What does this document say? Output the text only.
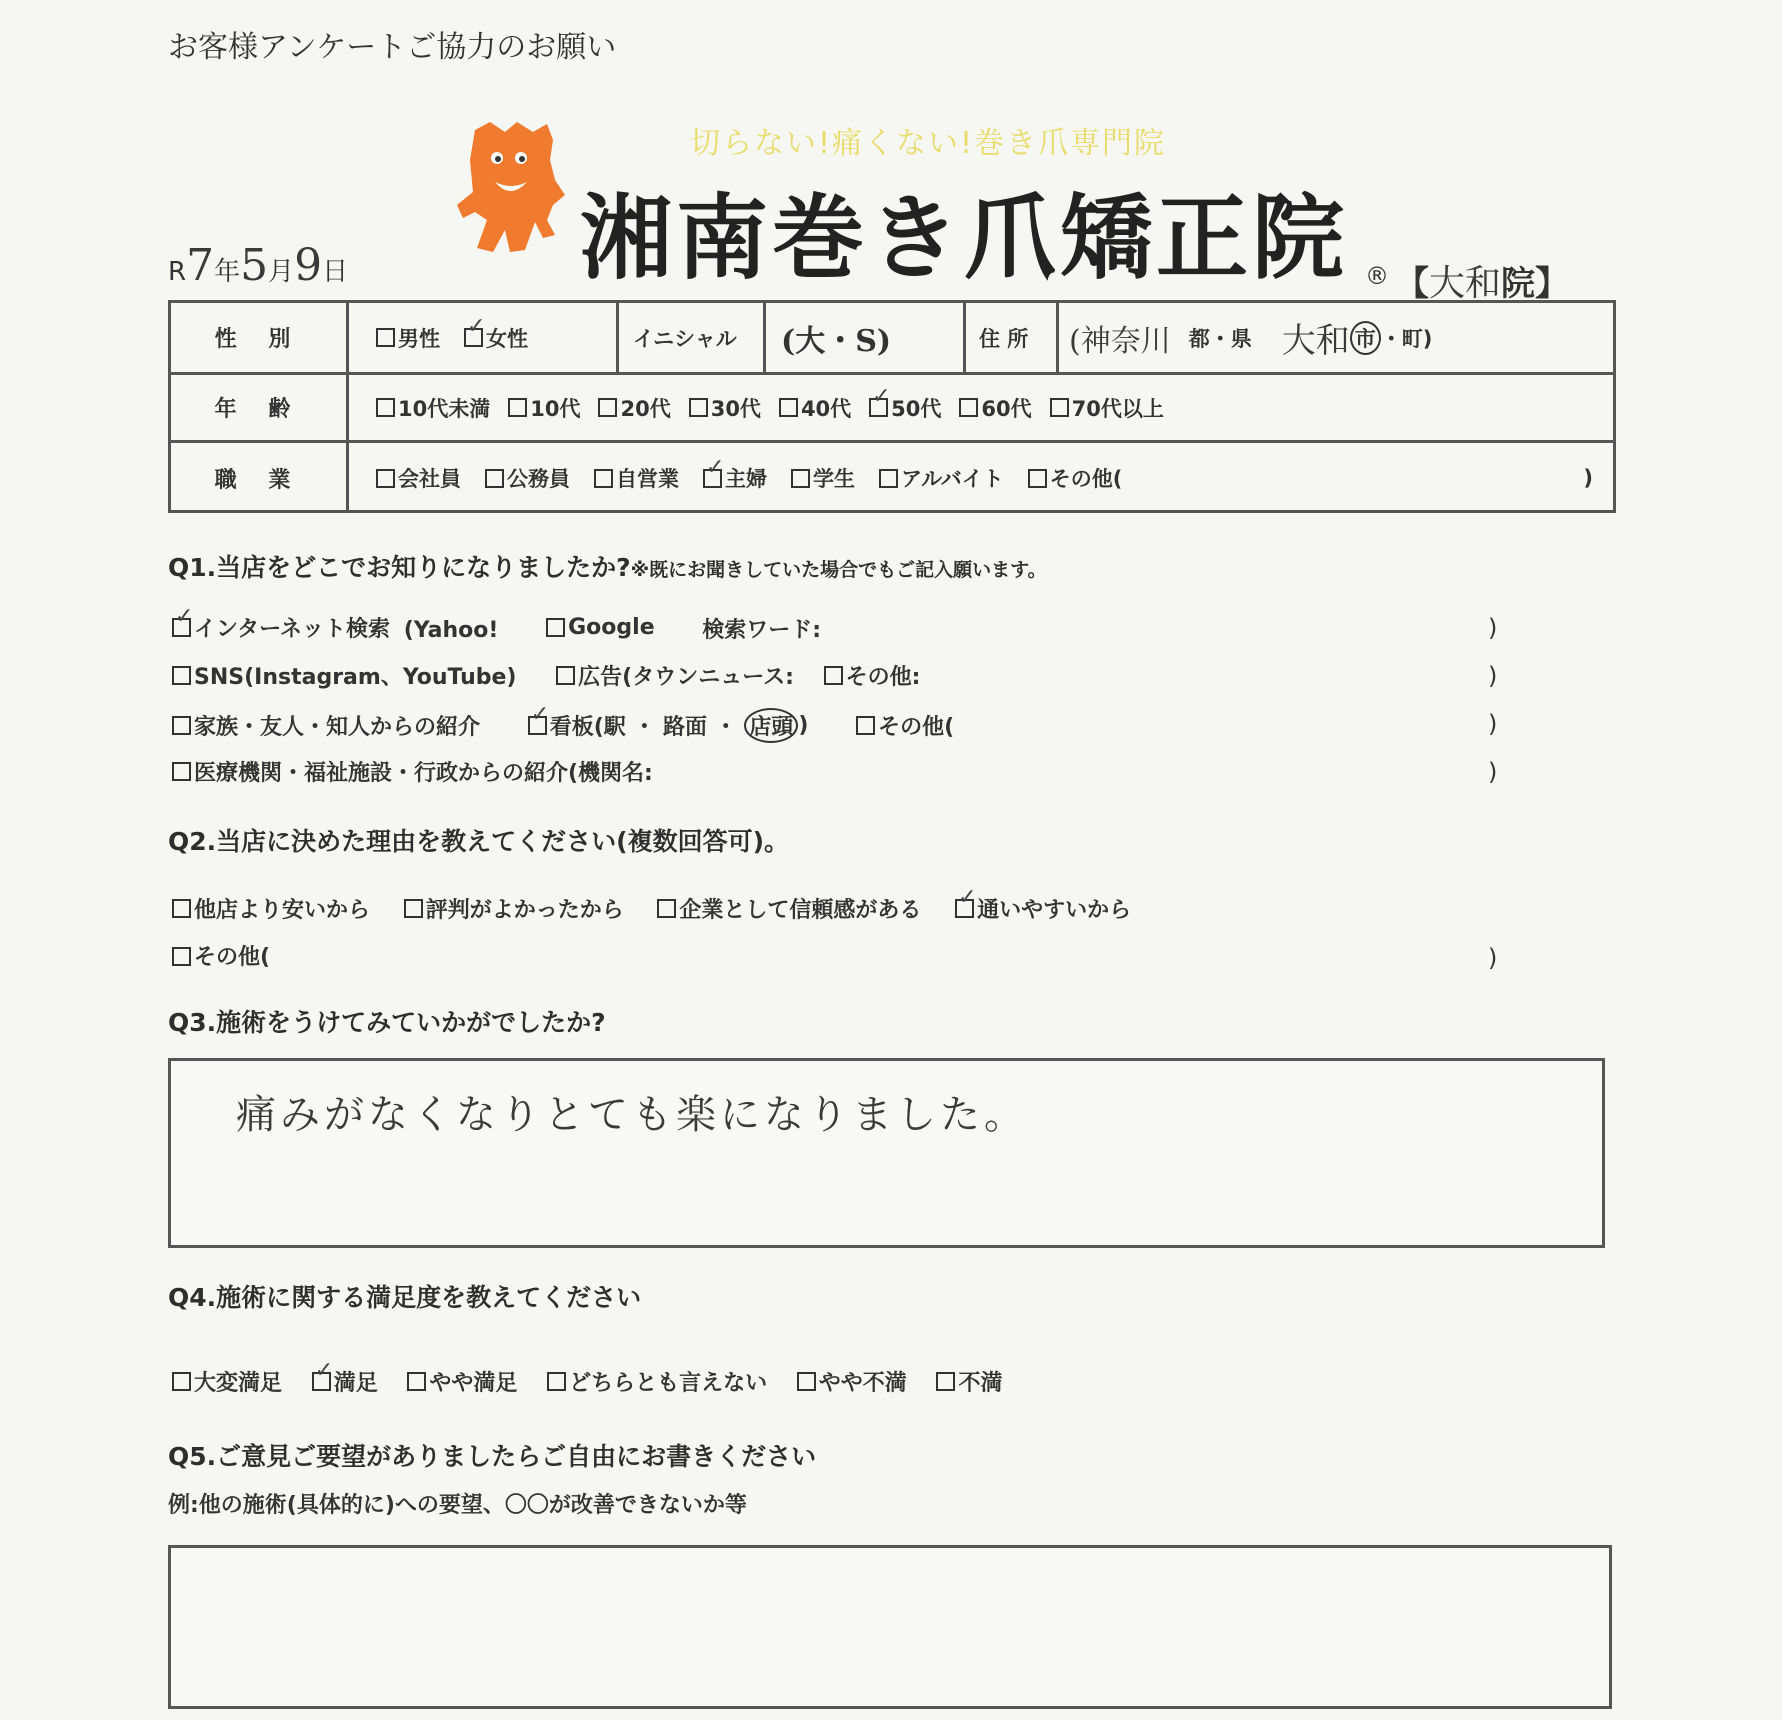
お客様アンケートご協力のお願い
切らない!痛くない!巻き爪専門院
湘南巻き爪矯正院 ® 【大和院】
R7年5月9日
性 別	男性 ✓ 女性	イニシャル (大・S)	住 所 (神奈川 都・県 大和 市 ・町)
年 齢	10代未満 10代 20代 30代 40代 ✓ 50代 60代 70代以上
職 業	会社員 公務員 自営業 ✓ 主婦 学生 アルバイト その他(	)
Q1.当店をどこでお知りになりましたか?※既にお聞きしていた場合でもご記入願います。
✓
インターネット検索
(Yahoo!
	Google 検索ワード:	)
SNS(Instagram、YouTube)
	広告(タウンニュース:
その他:	)
家族・友人・知人からの紹介
✓	看板(駅 ・ 路面 ・
店頭 )
	その他(	)
医療機関・福祉施設・行政からの紹介(機関名:	)
Q2.当店に決めた理由を教えてください(複数回答可)。
他店より安いから
	評判がよかったから
	企業として信頼感がある
✓	通いやすいから
その他(	)
Q3.施術をうけてみていかがでしたか?
痛みがなくなりとても楽になりました。
Q4.施術に関する満足度を教えてください
大変満足
✓ 満足
やや満足
どちらとも言えない
やや不満
不満
Q5.ご意見ご要望がありましたらご自由にお書きください
例:他の施術(具体的に)への要望、〇〇が改善できないか等
